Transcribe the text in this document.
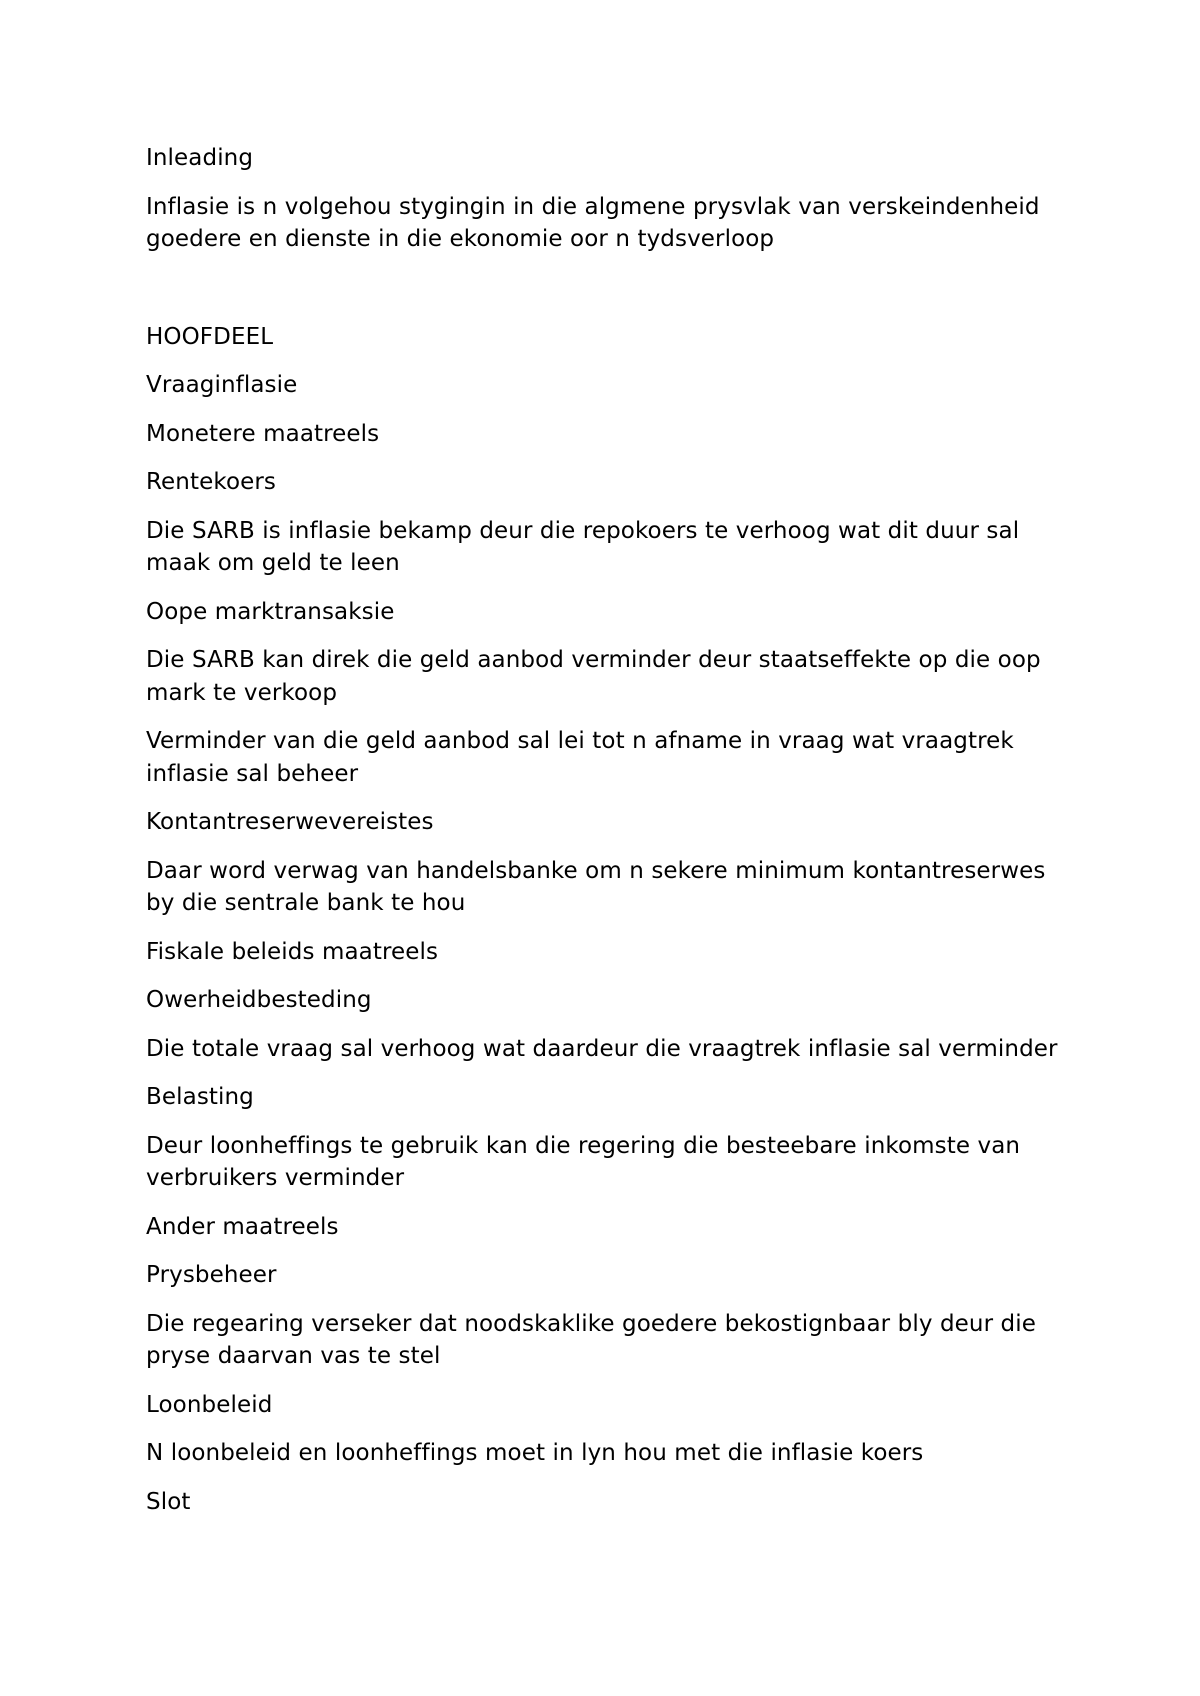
Inleading

Inflasie is n volgehou stygingin in die algmene prysvlak van verskeindenheid goedere en dienste in die ekonomie oor n tydsverloop

HOOFDEEL

Vraaginflasie

Monetere maatreels

Rentekoers

Die SARB is inflasie bekamp deur die repokoers te verhoog wat dit duur sal maak om geld te leen

Oope marktransaksie

Die SARB kan direk die geld aanbod verminder deur staatseffekte op die oop mark te verkoop

Verminder van die geld aanbod sal lei tot n afname in vraag wat vraagtrek inflasie sal beheer

Kontantreserwevereistes

Daar word verwag van handelsbanke om n sekere minimum kontantreserwes by die sentrale bank te hou

Fiskale beleids maatreels

Owerheidbesteding

Die totale vraag sal verhoog wat daardeur die vraagtrek inflasie sal verminder

Belasting

Deur loonheffings te gebruik kan die regering die besteebare inkomste van verbruikers verminder

Ander maatreels

Prysbeheer

Die regearing verseker dat noodskaklike goedere bekostignbaar bly deur die pryse daarvan vas te stel

Loonbeleid

N loonbeleid en loonheffings moet in lyn hou met die inflasie koers

Slot
